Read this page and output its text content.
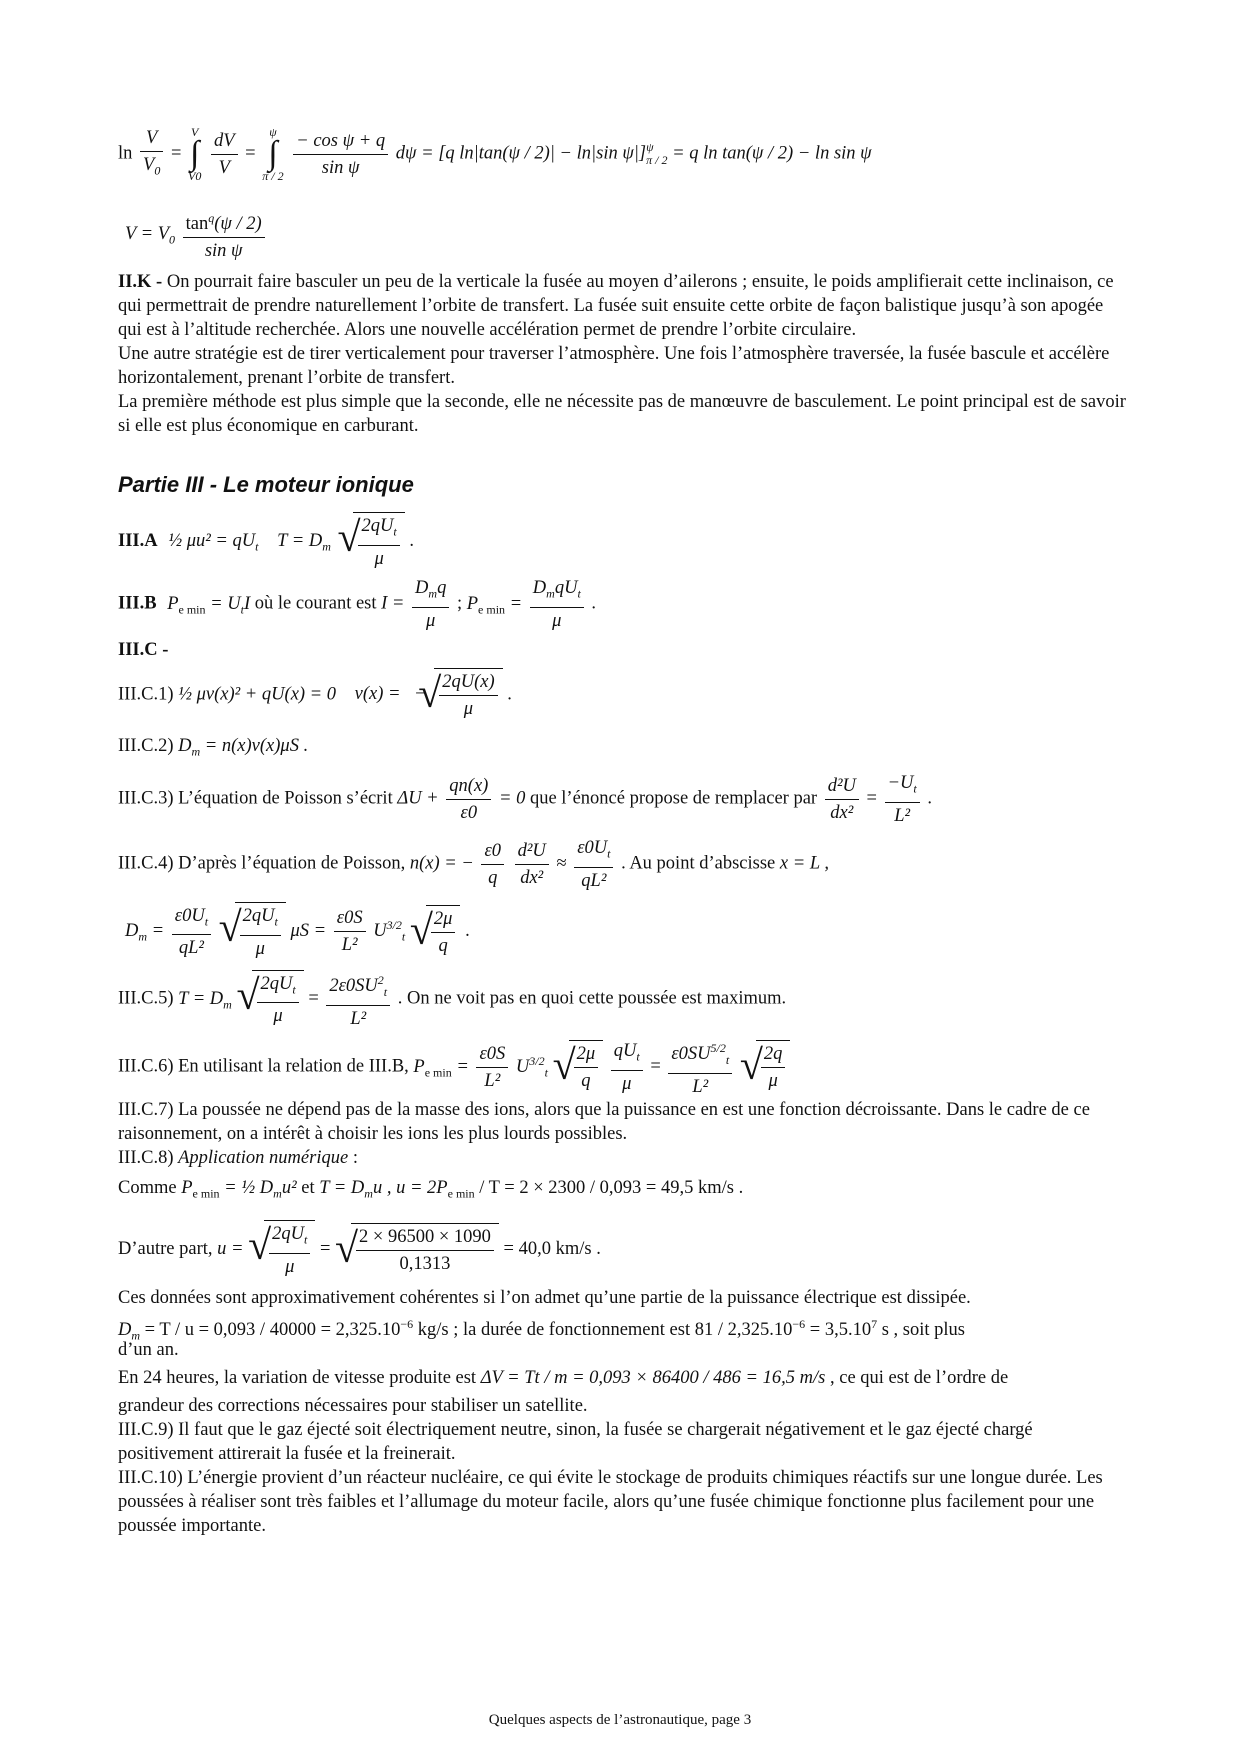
$\ln \frac{V}{V_0}$ =
V
∫
V0
$\frac{dV}{V}$ =
ψ
∫
π / 2
$\frac{\text{− cos ψ + q}}{\text{sin ψ}}$ dψ = [q ln|tan(ψ / 2)| − ln|sin ψ|] ψ
π / 2 = q ln tan(ψ / 2) − ln sin ψ
$V = V_0 \frac{\tan^q(\psi / 2)}{\text{sin ψ}}$
II.K - On pourrait faire basculer un peu de la verticale la fusée au moyen d’ailerons ; ensuite, le poids amplifierait cette inclinaison, ce qui permettrait de prendre naturellement l’orbite de transfert. La fusée suit ensuite cette orbite de façon balistique jusqu’à son apogée qui est à l’altitude recherchée. Alors une nouvelle accélération permet de prendre l’orbite circulaire.
Une autre stratégie est de tirer verticalement pour traverser l’atmosphère. Une fois l’atmosphère traversée, la fusée bascule et accélère horizontalement, prenant l’orbite de transfert.
La première méthode est plus simple que la seconde, elle ne nécessite pas de manœuvre de basculement. Le point principal est de savoir si elle est plus économique en carburant.
Partie III - Le moteur ionique
III.A ½ $\mu u^2 = qU_t$ $T = D_m$ √ $\frac{2qU_t}{\mu}$ .
III.B $P_{e min} = U_tI$ où le courant est $I = \frac{D_mq}{\mu}$ ; $P_{e min} = \frac{D_mqU_t}{\mu}$ .
III.C -
III.C.1) ½ μv(x)² + qU(x) = 0 v(x) = − √ $\frac{2qU(x)}{\mu}$ .
III.C.2) $D_m = n(x)v(x)\mu S$ .
III.C.3) L’équation de Poisson s’écrit $\Delta U + \frac{qn(x)}{\varepsilon 0} = 0$ que l’énoncé propose de remplacer par $\frac{\text{d²U}}{\text{dx²}} = \frac{-U_t}{\text{L²}}$ .
III.C.4) D’après l’équation de Poisson, n(x) = − $\frac{\varepsilon 0}{q}$
$\frac{\text{d²U}}{\text{dx²}} \approx \frac{\varepsilon 0U_t}{\text{qL²}}$ . Au point d’abscisse x = L ,
$D_m = \frac{\varepsilon 0U_t}{\text{qL²}}$
√ $\frac{2qU_t}{\mu}$ $\mu S = \frac{\varepsilon 0S}{\text{L²}} U^{3/2}_t$ √ $\frac{2\mu}{q}$ .
III.C.5) $T = D_m$ √ $\frac{2qU_t}{\mu} = \frac{2\varepsilon 0SU^2_t}{\text{L²}}$ . On ne voit pas en quoi cette poussée est maximum.
III.C.6) En utilisant la relation de III.B, $P_{e min} = \frac{\varepsilon 0S}{\text{L²}} U^{3/2}_t$ √ $\frac{2\mu}{q}$
$\frac{qU_t}{\mu} = \frac{\varepsilon 0SU^{5/2}_t}{\text{L²}}$
√ $\frac{2q}{\mu}$
III.C.7) La poussée ne dépend pas de la masse des ions, alors que la puissance en est une fonction décroissante. Dans le cadre de ce raisonnement, on a intérêt à choisir les ions les plus lourds possibles.
III.C.8) Application numérique :
Comme $P_{e min}$ = ½ $D_mu^2$ et $T = D_mu$ , $u = 2P_{e min} / T = 2 \times 2300 / 0,093 = 49,5$ km/s .
D’autre part, u = √ $\frac{2qU_t}{\mu}$ = √ $\frac{2 \times 96500 \times 1090}{0,1313} = 40,0$ km/s .
Ces données sont approximativement cohérentes si l’on admet qu’une partie de la puissance électrique est dissipée.
$D_m = T / u = 0,093 / 40000 = 2,325.10^{-6}$ kg/s ; la durée de fonctionnement est $81 / 2,325.10^{-6} = 3,5.10^7$ s , soit plus
d’un an.
En 24 heures, la variation de vitesse produite est ΔV = Tt / m = 0,093 × 86400 / 486 = 16,5 m/s , ce qui est de l’ordre de
grandeur des corrections nécessaires pour stabiliser un satellite.
III.C.9) Il faut que le gaz éjecté soit électriquement neutre, sinon, la fusée se chargerait négativement et le gaz éjecté chargé positivement attirerait la fusée et la freinerait.
III.C.10) L’énergie provient d’un réacteur nucléaire, ce qui évite le stockage de produits chimiques réactifs sur une longue durée. Les poussées à réaliser sont très faibles et l’allumage du moteur facile, alors qu’une fusée chimique fonctionne plus facilement pour une poussée importante.
Quelques aspects de l’astronautique, page 3
